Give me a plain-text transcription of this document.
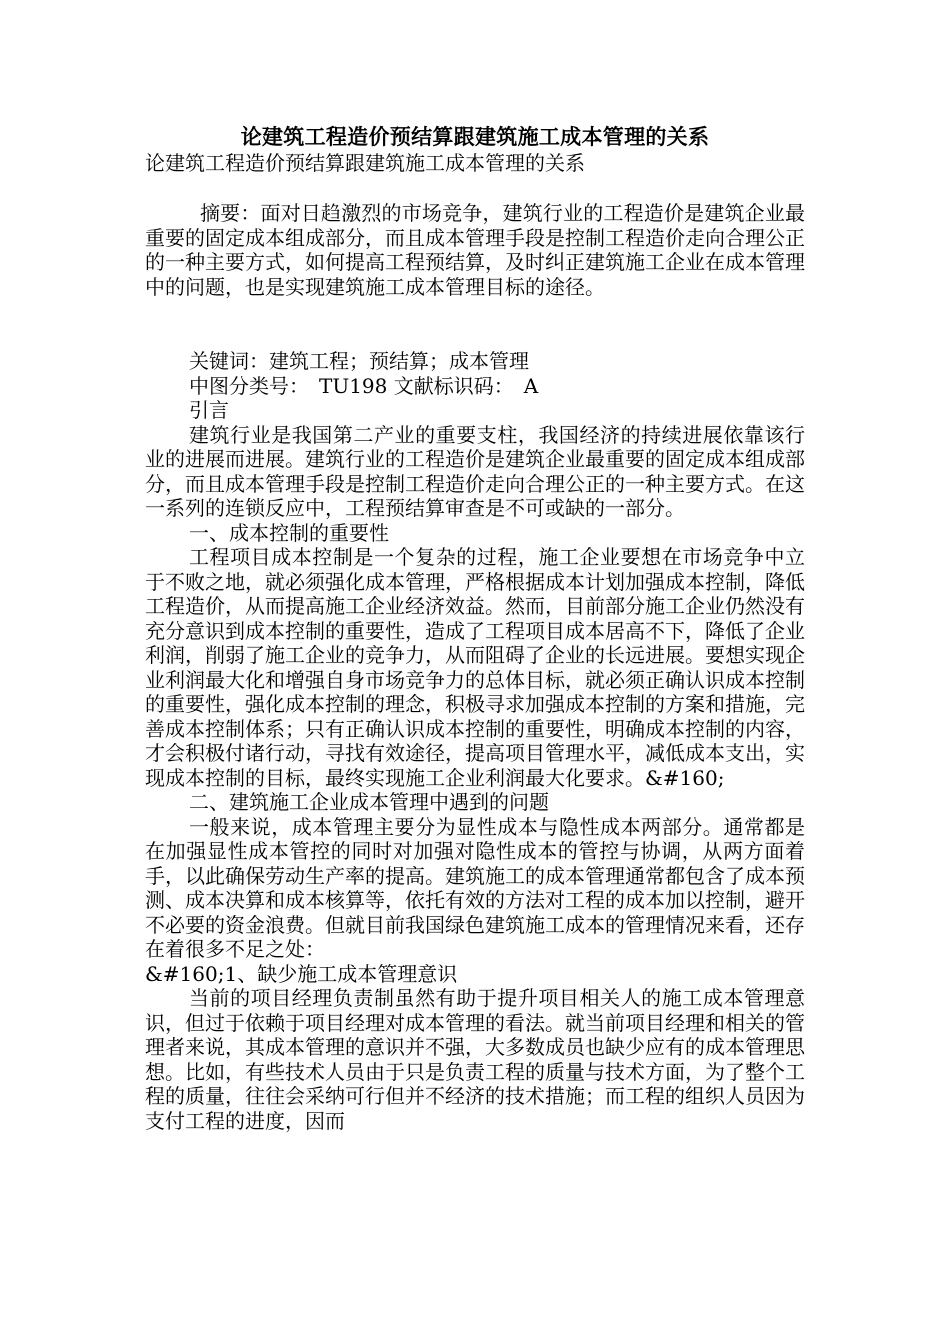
论建筑工程造价预结算跟建筑施工成本管理的关系
论建筑工程造价预结算跟建筑施工成本管理的关系

摘要：面对日趋激烈的市场竞争，建筑行业的工程造价是建筑企业最重要的固定成本组成部分，而且成本管理手段是控制工程造价走向合理公正的一种主要方式，如何提高工程预结算，及时纠正建筑施工企业在成本管理中的问题，也是实现建筑施工成本管理目标的途径。

关键词：建筑工程；预结算；成本管理

中图分类号：　TU198 文献标识码：　A

引言

建筑行业是我国第二产业的重要支柱，我国经济的持续进展依靠该行业的进展而进展。建筑行业的工程造价是建筑企业最重要的固定成本组成部分，而且成本管理手段是控制工程造价走向合理公正的一种主要方式。在这一系列的连锁反应中，工程预结算审查是不可或缺的一部分。

一、成本控制的重要性

工程项目成本控制是一个复杂的过程，施工企业要想在市场竞争中立于不败之地，就必须强化成本管理，严格根据成本计划加强成本控制，降低工程造价，从而提高施工企业经济效益。然而，目前部分施工企业仍然没有充分意识到成本控制的重要性，造成了工程项目成本居高不下，降低了企业利润，削弱了施工企业的竞争力，从而阻碍了企业的长远进展。要想实现企业利润最大化和增强自身市场竞争力的总体目标，就必须正确认识成本控制的重要性，强化成本控制的理念，积极寻求加强成本控制的方案和措施，完善成本控制体系；只有正确认识成本控制的重要性，明确成本控制的内容，才会积极付诸行动，寻找有效途径，提高项目管理水平，减低成本支出，实现成本控制的目标，最终实现施工企业利润最大化要求。&#160;

二、建筑施工企业成本管理中遇到的问题

一般来说，成本管理主要分为显性成本与隐性成本两部分。通常都是在加强显性成本管控的同时对加强对隐性成本的管控与协调，从两方面着手，以此确保劳动生产率的提高。建筑施工的成本管理通常都包含了成本预测、成本决算和成本核算等，依托有效的方法对工程的成本加以控制，避开不必要的资金浪费。但就目前我国绿色建筑施工成本的管理情况来看，还存在着很多不足之处：

&#160;1、缺少施工成本管理意识

当前的项目经理负责制虽然有助于提升项目相关人的施工成本管理意识，但过于依赖于项目经理对成本管理的看法。就当前项目经理和相关的管理者来说，其成本管理的意识并不强，大多数成员也缺少应有的成本管理思想。比如，有些技术人员由于只是负责工程的质量与技术方面，为了整个工程的质量，往往会采纳可行但并不经济的技术措施；而工程的组织人员因为支付工程的进度，因而
